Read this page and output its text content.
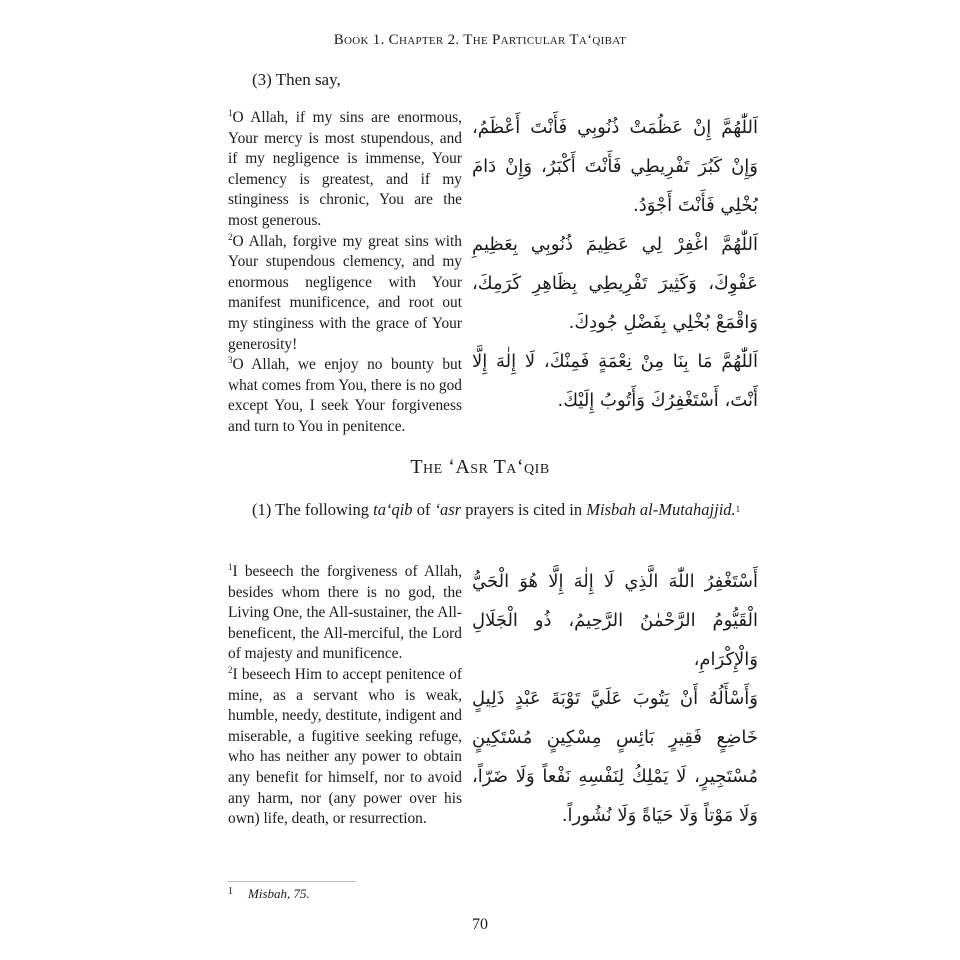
Book 1. Chapter 2. The Particular Ta‘qibat
(3) Then say,
$^1$O Allah, if my sins are enormous, Your mercy is most stupendous, and if my negligence is immense, Your clemency is greatest, and if my stinginess is chronic, You are the most generous.
$^2$O Allah, forgive my great sins with Your stupendous clemency, and my enormous negligence with Your manifest munificence, and root out my stinginess with the grace of Your generosity!
$^3$O Allah, we enjoy no bounty but what comes from You, there is no god except You, I seek Your forgiveness and turn to You in penitence.
اَللّٰهُمَّ إِنْ عَظُمَتْ ذُنُوبِي فَأَنْتَ أَعْظَمُ، وَإِنْ كَبُرَ تَفْرِيطِي فَأَنْتَ أَكْبَرُ، وَإِنْ دَامَ بُخْلِي فَأَنْتَ أَجْوَدُ.
اَللّٰهُمَّ اغْفِرْ لِي عَظِيمَ ذُنُوبِي بِعَظِيمِ عَفْوِكَ، وَكَثِيرَ تَفْرِيطِي بِظَاهِرِ كَرَمِكَ، وَاقْمَعْ بُخْلِي بِفَضْلِ جُودِكَ.
اَللّٰهُمَّ مَا بِنَا مِنْ نِعْمَةٍ فَمِنْكَ، لَا إِلٰهَ إِلَّا أَنْتَ، أَسْتَغْفِرُكَ وَأَتُوبُ إِلَيْكَ.
The ‘Asr Ta‘qib
(1) The following ta‘qib of ‘asr prayers is cited in Misbah al-Mutahajjid.$^1$
$^1$I beseech the forgiveness of Allah, besides whom there is no god, the Living One, the All-sustainer, the All-beneficent, the All-merciful, the Lord of majesty and munificence.
$^2$I beseech Him to accept penitence of mine, as a servant who is weak, humble, needy, destitute, indigent and miserable, a fugitive seeking refuge, who has neither any power to obtain any benefit for himself, nor to avoid any harm, nor (any power over his own) life, death, or resurrection.
أَسْتَغْفِرُ اللّٰهَ الَّذِي لَا إِلٰهَ إِلَّا هُوَ الْحَيُّ الْقَيُّومُ الرَّحْمٰنُ الرَّحِيمُ، ذُو الْجَلَالِ وَالْإِكْرَامِ،
وَأَسْأَلُهُ أَنْ يَتُوبَ عَلَيَّ تَوْبَةَ عَبْدٍ ذَلِيلٍ خَاضِعٍ فَقِيرٍ بَائِسٍ مِسْكِينٍ مُسْتَكِينٍ مُسْتَجِيرٍ، لَا يَمْلِكُ لِنَفْسِهِ نَفْعاً وَلَا ضَرّاً، وَلَا مَوْتاً وَلَا حَيَاةً وَلَا نُشُوراً.
1 Misbah, 75.
70
